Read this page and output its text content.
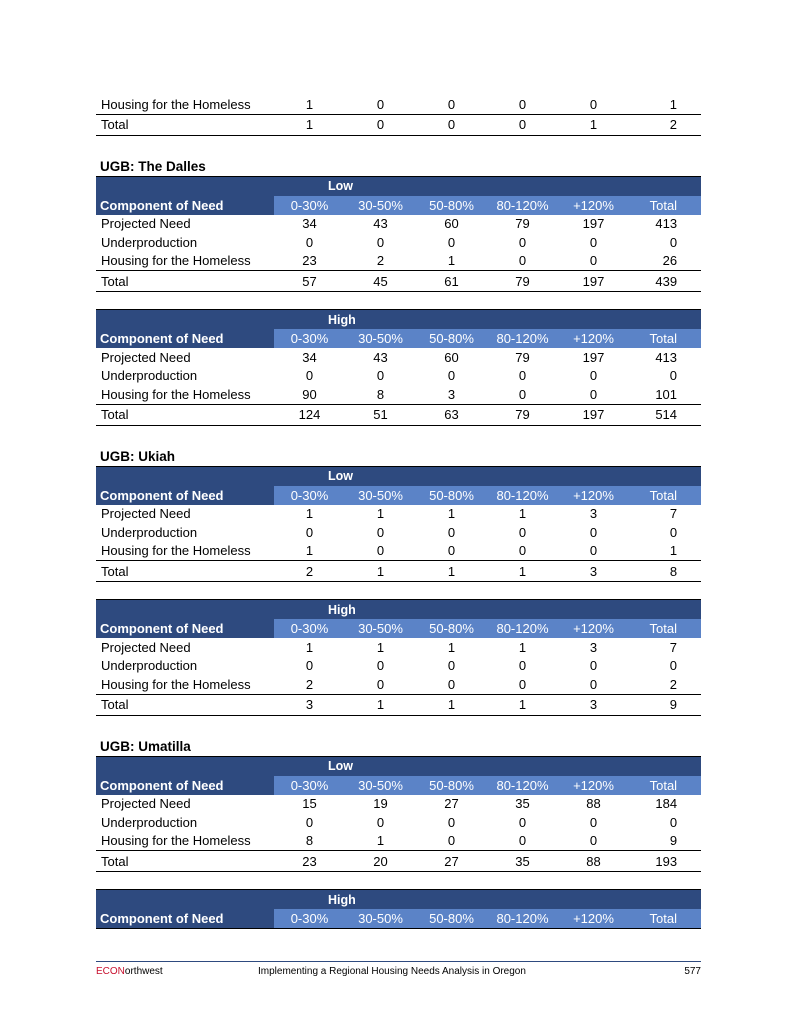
Housing for the Homeless	1	0	0	0	0	1
Total	1	0	0	0	1	2
UGB: The Dalles
Low						
Component of Need	0-30%	30-50%	50-80%	80-120%	+120%	Total
Projected Need	34	43	60	79	197	413
Underproduction	0	0	0	0	0	0
Housing for the Homeless	23	2	1	0	0	26
Total	57	45	61	79	197	439
High						
Component of Need	0-30%	30-50%	50-80%	80-120%	+120%	Total
Projected Need	34	43	60	79	197	413
Underproduction	0	0	0	0	0	0
Housing for the Homeless	90	8	3	0	0	101
Total	124	51	63	79	197	514
UGB: Ukiah
Low						
Component of Need	0-30%	30-50%	50-80%	80-120%	+120%	Total
Projected Need	1	1	1	1	3	7
Underproduction	0	0	0	0	0	0
Housing for the Homeless	1	0	0	0	0	1
Total	2	1	1	1	3	8
High						
Component of Need	0-30%	30-50%	50-80%	80-120%	+120%	Total
Projected Need	1	1	1	1	3	7
Underproduction	0	0	0	0	0	0
Housing for the Homeless	2	0	0	0	0	2
Total	3	1	1	1	3	9
UGB: Umatilla
Low						
Component of Need	0-30%	30-50%	50-80%	80-120%	+120%	Total
Projected Need	15	19	27	35	88	184
Underproduction	0	0	0	0	0	0
Housing for the Homeless	8	1	0	0	0	9
Total	23	20	27	35	88	193
High
Component of Need	0-30%	30-50%	50-80%	80-120%	+120%	Total
ECONorthwest	Implementing a Regional Housing Needs Analysis in Oregon	577
